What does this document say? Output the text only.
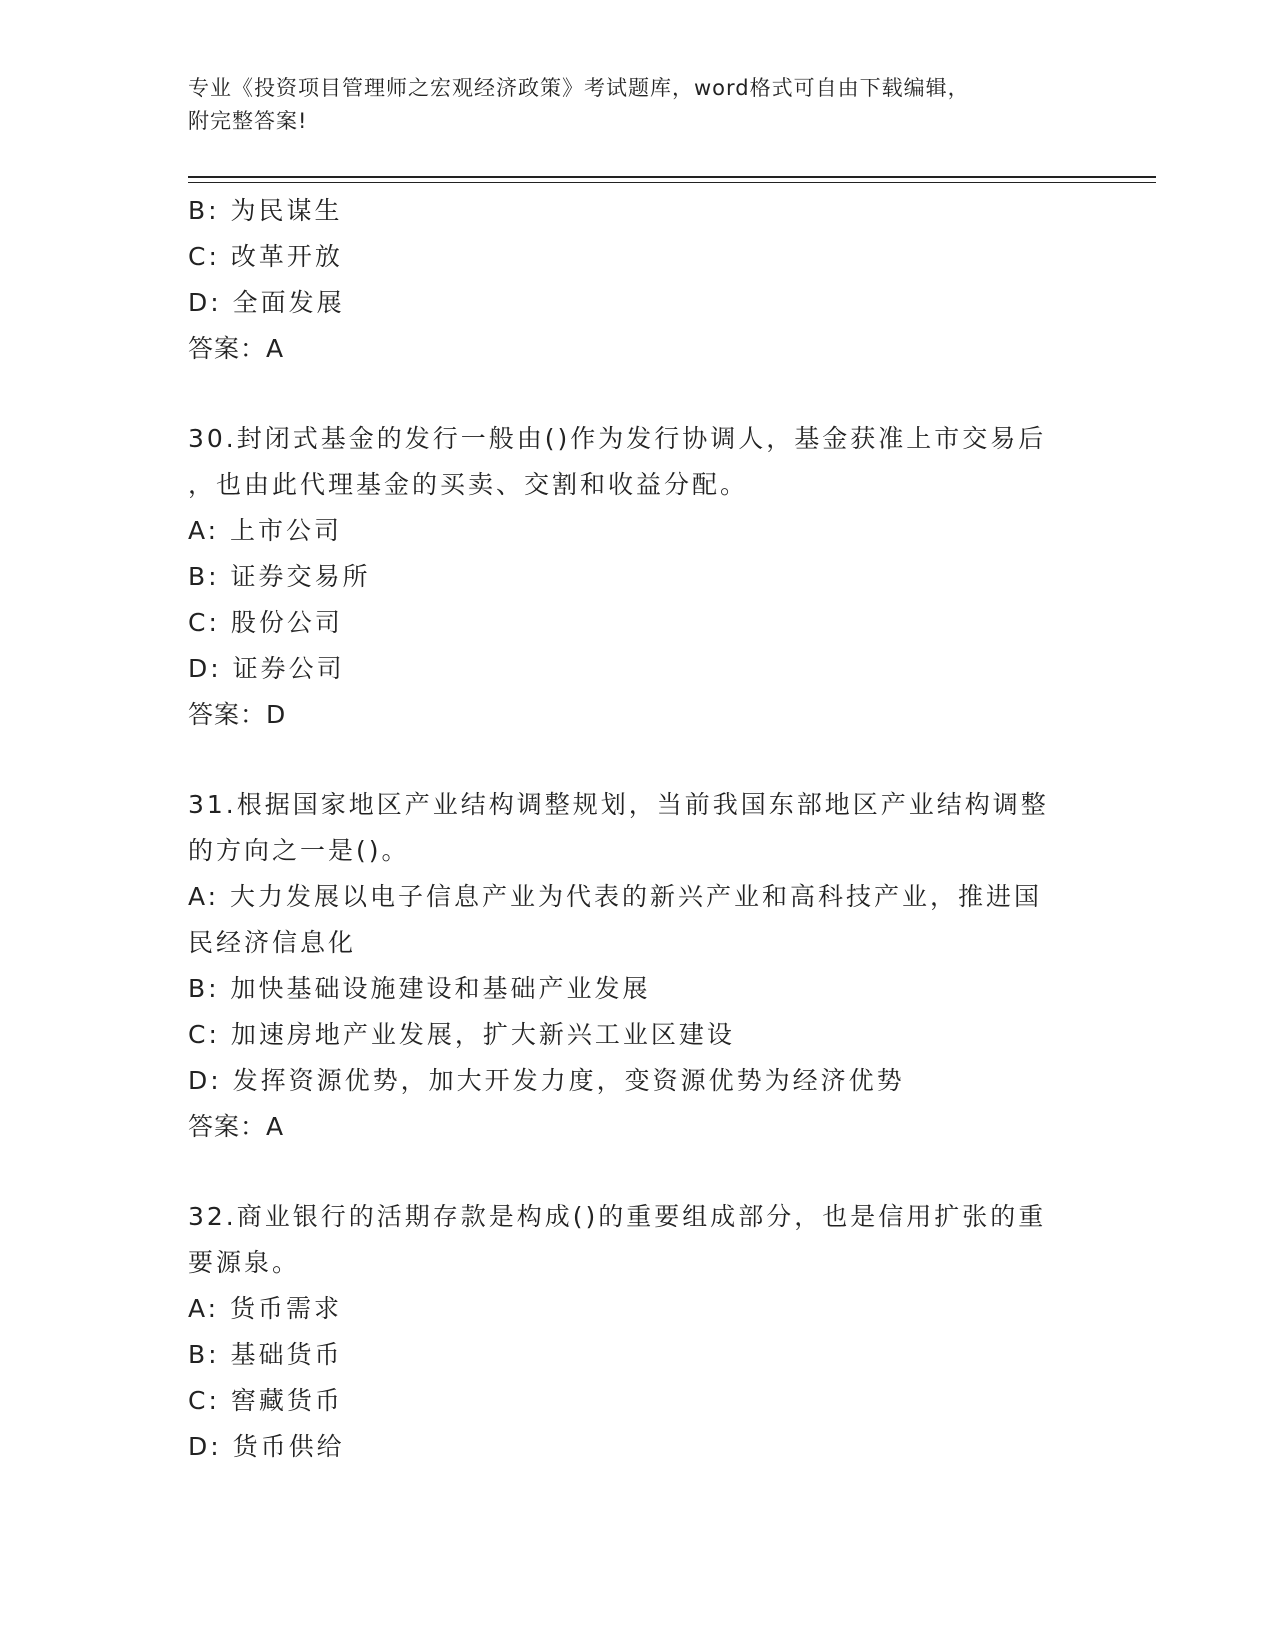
专业《投资项目管理师之宏观经济政策》考试题库，word格式可自由下载编辑，
附完整答案!
B: 为民谋生
C: 改革开放
D: 全面发展
答案：A
30.封闭式基金的发行一般由()作为发行协调人，基金获准上市交易后
，也由此代理基金的买卖、交割和收益分配。
A: 上市公司
B: 证券交易所
C: 股份公司
D: 证券公司
答案：D
31.根据国家地区产业结构调整规划，当前我国东部地区产业结构调整
的方向之一是()。
A: 大力发展以电子信息产业为代表的新兴产业和高科技产业，推进国
民经济信息化
B: 加快基础设施建设和基础产业发展
C: 加速房地产业发展，扩大新兴工业区建设
D: 发挥资源优势，加大开发力度，变资源优势为经济优势
答案：A
32.商业银行的活期存款是构成()的重要组成部分，也是信用扩张的重
要源泉。
A: 货币需求
B: 基础货币
C: 窖藏货币
D: 货币供给
